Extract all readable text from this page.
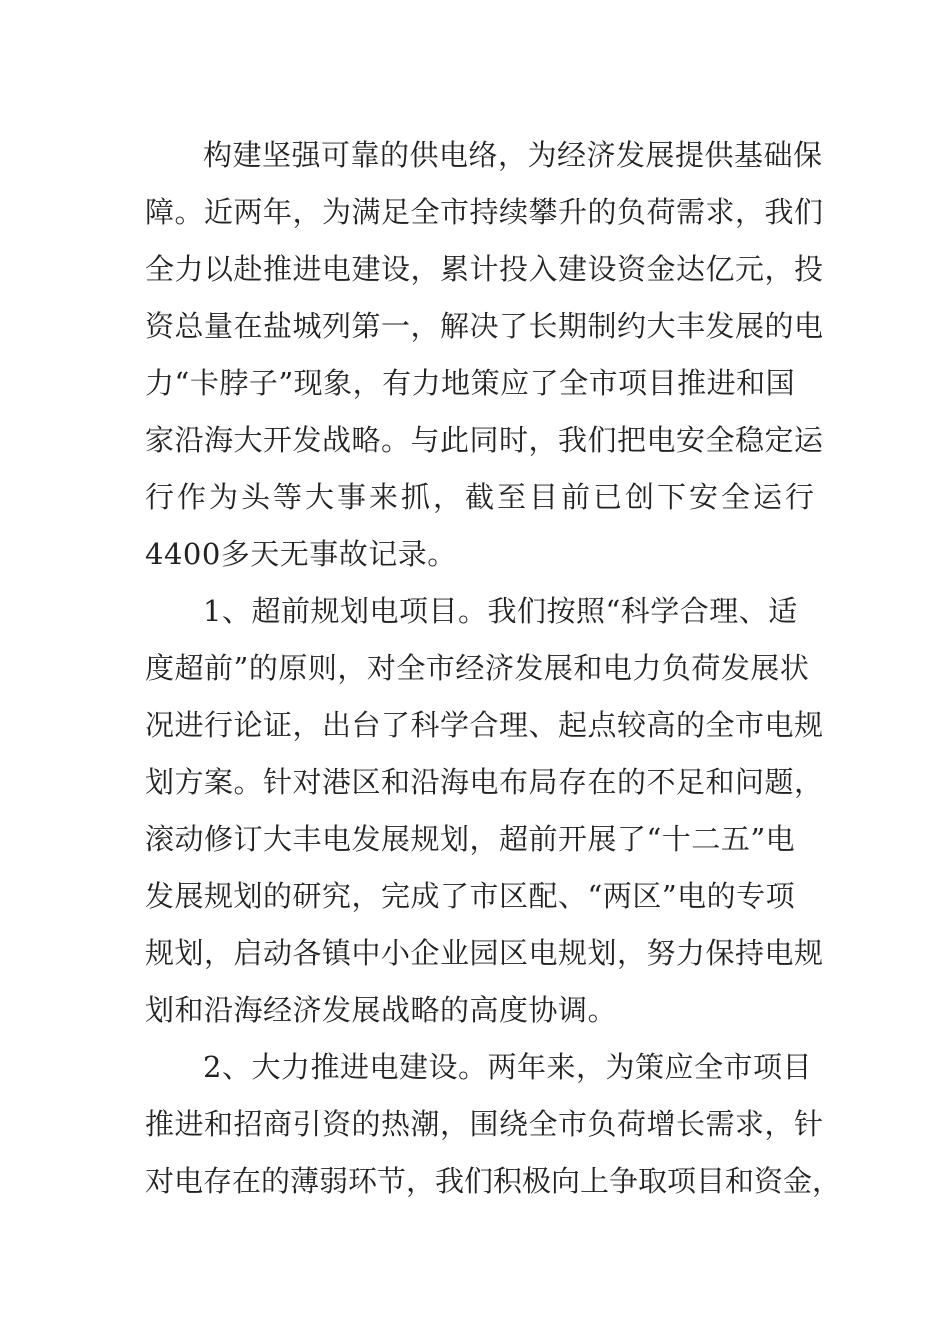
构建坚强可靠的供电络，为经济发展提供基础保
障。近两年，为满足全市持续攀升的负荷需求，我们
全力以赴推进电建设，累计投入建设资金达亿元，投
资总量在盐城列第一，解决了长期制约大丰发展的电
力“卡脖子”现象，有力地策应了全市项目推进和国
家沿海大开发战略。与此同时，我们把电安全稳定运
行作为头等大事来抓，截至目前已创下安全运行
4400多天无事故记录。
1、超前规划电项目。我们按照“科学合理、适
度超前”的原则，对全市经济发展和电力负荷发展状
况进行论证，出台了科学合理、起点较高的全市电规
划方案。针对港区和沿海电布局存在的不足和问题，
滚动修订大丰电发展规划，超前开展了“十二五”电
发展规划的研究，完成了市区配、“两区”电的专项
规划，启动各镇中小企业园区电规划，努力保持电规
划和沿海经济发展战略的高度协调。
2、大力推进电建设。两年来，为策应全市项目
推进和招商引资的热潮，围绕全市负荷增长需求，针
对电存在的薄弱环节，我们积极向上争取项目和资金，
